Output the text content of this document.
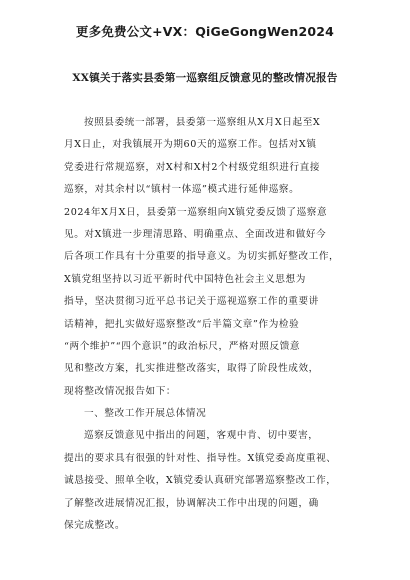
更多免费公文+VX：QiGeGongWen2024
XX镇关于落实县委第一巡察组反馈意见的整改情况报告
按照县委统一部署，县委第一巡察组从X月X日起至X
月X日止，对我镇展开为期60天的巡察工作。包括对X镇
党委进行常规巡察，对X村和X村2个村级党组织进行直接
巡察，对其余村以“镇村一体巡”模式进行延伸巡察。
2024年X月X日，县委第一巡察组向X镇党委反馈了巡察意
见。对X镇进一步理清思路、明确重点、全面改进和做好今
后各项工作具有十分重要的指导意义。为切实抓好整改工作，
X镇党组坚持以习近平新时代中国特色社会主义思想为
指导，坚决贯彻习近平总书记关于巡视巡察工作的重要讲
话精神，把扎实做好巡察整改“后半篇文章”作为检验
“两个维护”“四个意识”的政治标尺，严格对照反馈意
见和整改方案，扎实推进整改落实，取得了阶段性成效，
现将整改情况报告如下：
一、整改工作开展总体情况
巡察反馈意见中指出的问题，客观中肯、切中要害，
提出的要求具有很强的针对性、指导性。X镇党委高度重视、
诚恳接受、照单全收，X镇党委认真研究部署巡察整改工作，
了解整改进展情况汇报，协调解决工作中出现的问题，确
保完成整改。
